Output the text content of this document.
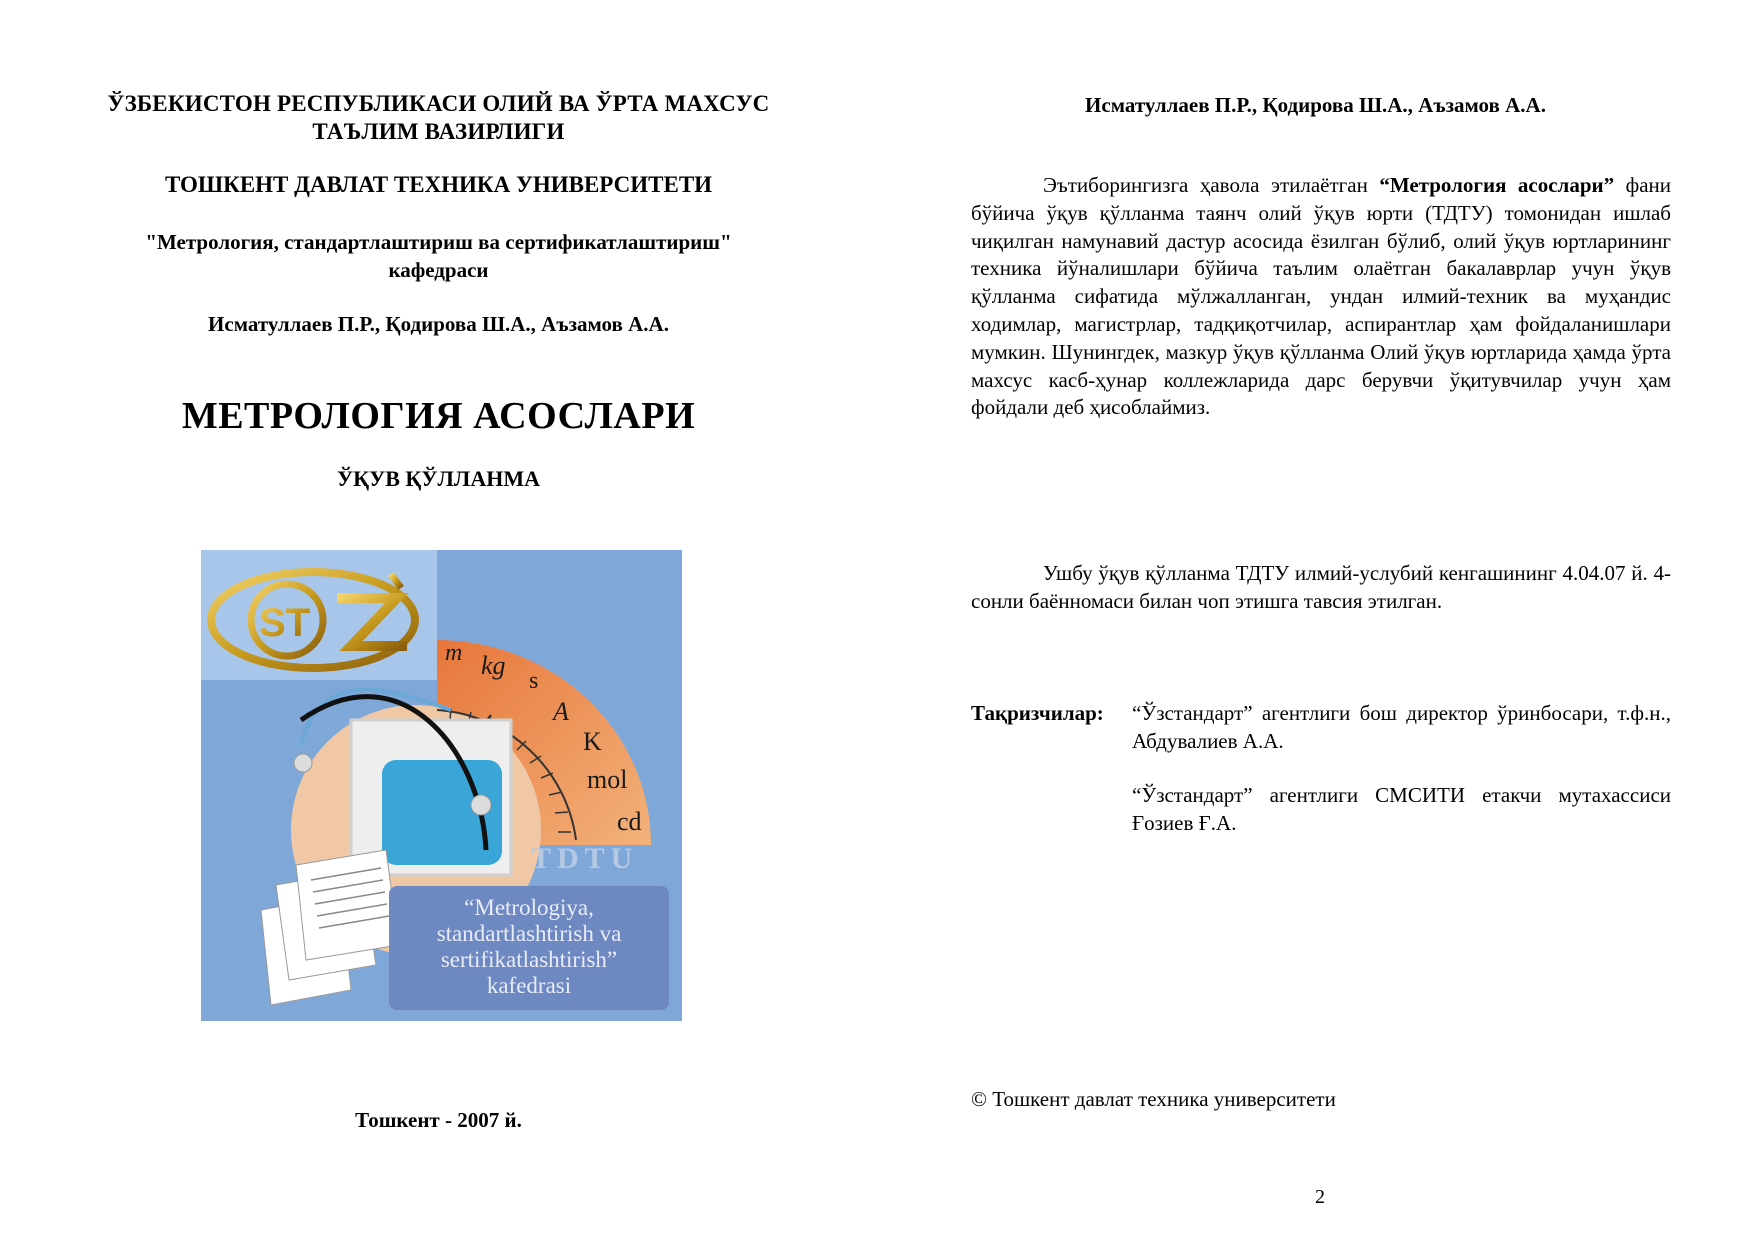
ЎЗБЕКИСТОН РЕСПУБЛИКАСИ ОЛИЙ ВА ЎРТА МАХСУС
ТАЪЛИМ ВАЗИРЛИГИ
ТОШКЕНТ ДАВЛАТ ТЕХНИКА УНИВЕРСИТЕТИ
"Метрология, стандартлаштириш ва сертификатлаштириш"
кафедраси
Исматуллаев П.Р., Қодирова Ш.А., Аъзамов А.А.
МЕТРОЛОГИЯ АСОСЛАРИ
ЎҚУВ ҚЎЛЛАНМА
ST
m kg
s
A
K
mol
cd
TDTU
“Metrologiya,
standartlashtirish va
sertifikatlashtirish”
kafedrasi
Тошкент - 2007 й.
Исматуллаев П.Р., Қодирова Ш.А., Аъзамов А.А.
Эътиборингизга ҳавола этилаётган “Метрология асослари” фани бўйича ўқув қўлланма таянч олий ўқув юрти (ТДТУ) томонидан ишлаб чиқилган намунавий дастур асосида ёзилган бўлиб, олий ўқув юртларининг техника йўналишлари бўйича таълим олаётган бакалаврлар учун ўқув қўлланма сифатида мўлжалланган, ундан илмий-техник ва муҳандис ходимлар, магистрлар, тадқиқотчилар, аспирантлар ҳам фойдаланишлари мумкин. Шунингдек, мазкур ўқув қўлланма Олий ўқув юртларида ҳамда ўрта махсус касб-ҳунар коллежларида дарс берувчи ўқитувчилар учун ҳам фойдали деб ҳисоблаймиз.
Ушбу ўқув қўлланма ТДТУ илмий-услубий кенгашининг 4.04.07 й. 4-сонли баённомаси билан чоп этишга тавсия этилган.
Тақризчилар: “Ўзстандарт” агентлиги бош директор ўринбосари, т.ф.н., Абдувалиев А.А.
“Ўзстандарт” агентлиги СМСИТИ етакчи мутахассиси Ғозиев Ғ.А.
© Тошкент давлат техника университети
2
